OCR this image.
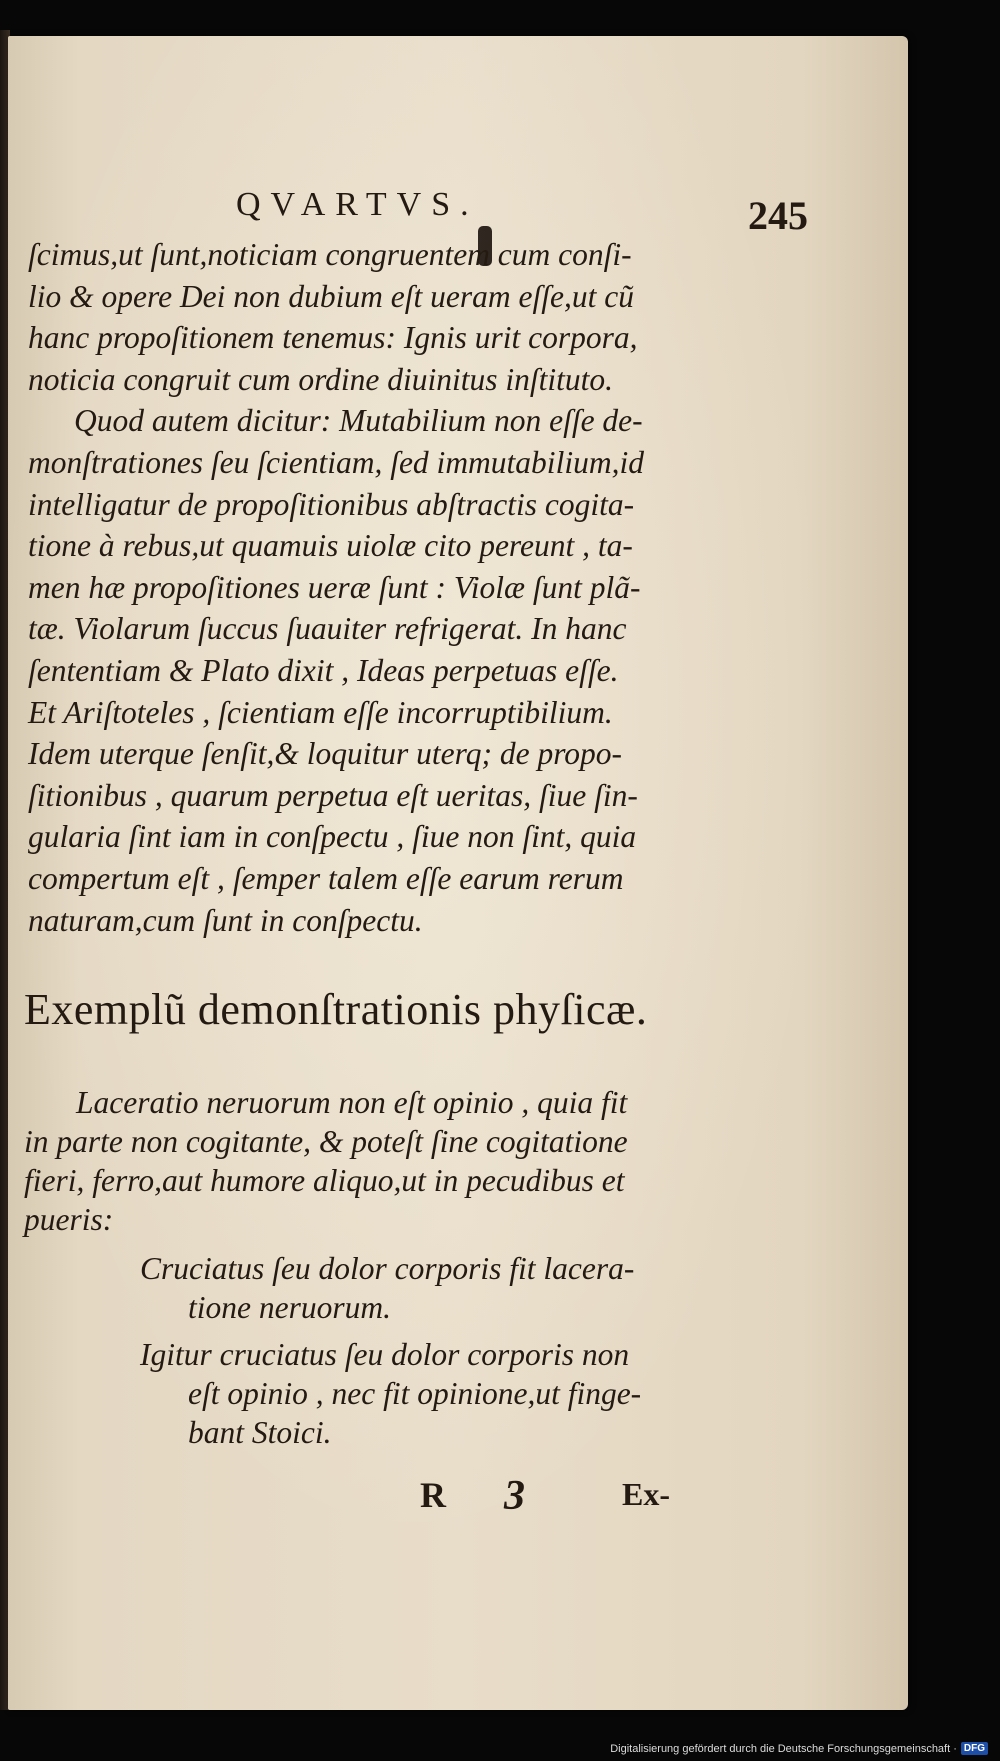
QVARTVS.	245
ſcimus,ut ſunt,noticiam congruentem cum conſi-
lio & opere Dei non dubium eſt ueram eſſe,ut cũ
hanc propoſitionem tenemus: Ignis urit corpora,
noticia congruit cum ordine diuinitus inſtituto.
Quod autem dicitur: Mutabilium non eſſe de-
monſtrationes ſeu ſcientiam, ſed immutabilium,id
intelligatur de propoſitionibus abſtractis cogita-
tione à rebus,ut quamuis uiolæ cito pereunt , ta-
men hæ propoſitiones ueræ ſunt : Violæ ſunt plã-
tæ. Violarum ſuccus ſuauiter refrigerat. In hanc
ſententiam & Plato dixit , Ideas perpetuas eſſe.
Et Ariſtoteles , ſcientiam eſſe incorruptibilium.
Idem uterque ſenſit,& loquitur uterq; de propo-
ſitionibus , quarum perpetua eſt ueritas, ſiue ſin-
gularia ſint iam in conſpectu , ſiue non ſint, quia
compertum eſt , ſemper talem eſſe earum rerum
naturam,cum ſunt in conſpectu.
Exemplũ demonſtrationis phyſicæ.
Laceratio neruorum non eſt opinio , quia fit
in parte non cogitante, & poteſt ſine cogitatione
fieri, ferro,aut humore aliquo,ut in pecudibus et
pueris:
Cruciatus ſeu dolor corporis fit lacera-
tione neruorum.
Igitur cruciatus ſeu dolor corporis non
eſt opinio , nec fit opinione,ut finge-
bant Stoici.
R 3	Ex-
Digitalisierung gefördert durch die Deutsche Forschungsgemeinschaft · DFG
